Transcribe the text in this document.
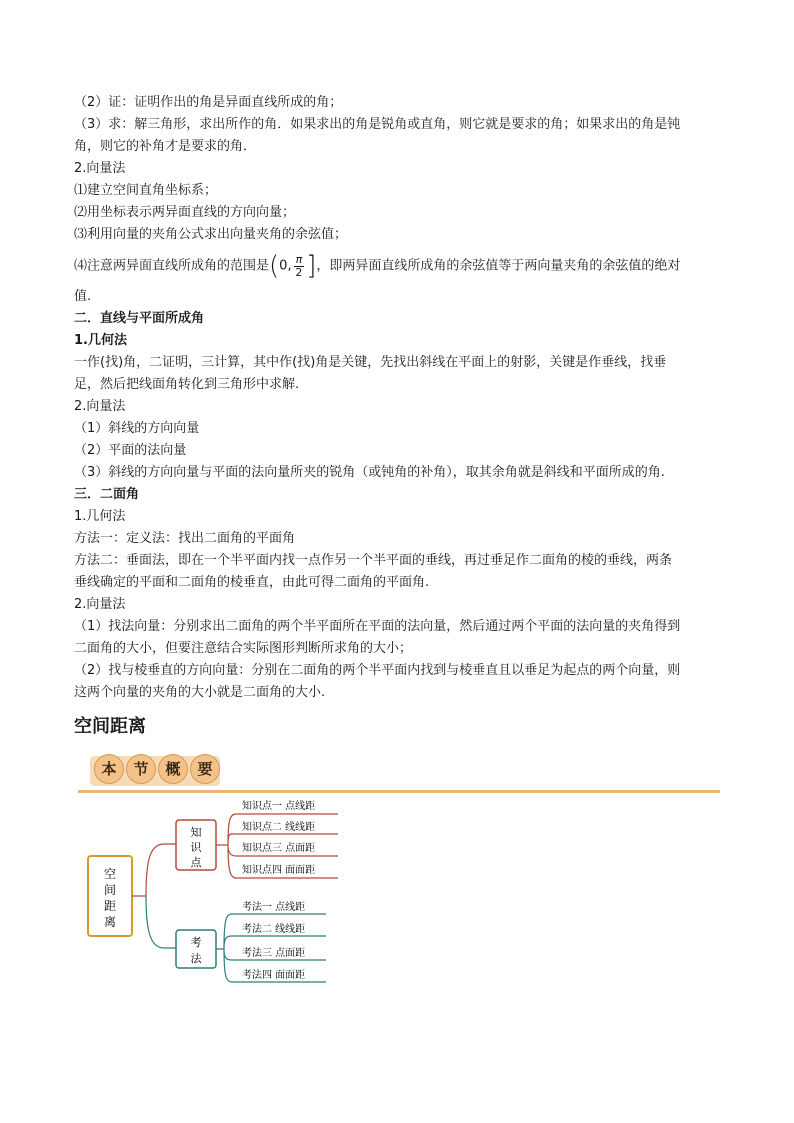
（2）证：证明作出的角是异面直线所成的角；
（3）求：解三角形，求出所作的角．如果求出的角是锐角或直角，则它就是要求的角；如果求出的角是钝
角，则它的补角才是要求的角．
2.向量法
⑴建立空间直角坐标系；
⑵用坐标表示两异面直线的方向向量；
⑶利用向量的夹角公式求出向量夹角的余弦值；
⑷注意两异面直线所成角的范围是(0, $\frac{\pi}{2}$ ]，即两异面直线所成角的余弦值等于两向量夹角的余弦值的绝对
值.
二．直线与平面所成角
1.几何法
一作(找)角，二证明，三计算，其中作(找)角是关键，先找出斜线在平面上的射影，关键是作垂线，找垂
足，然后把线面角转化到三角形中求解.
2.向量法
（1）斜线的方向向量
（2）平面的法向量
（3）斜线的方向向量与平面的法向量所夹的锐角（或钝角的补角），取其余角就是斜线和平面所成的角.
三．二面角
1.几何法
方法一：定义法：找出二面角的平面角
方法二：垂面法，即在一个半平面内找一点作另一个半平面的垂线，再过垂足作二面角的棱的垂线，两条
垂线确定的平面和二面角的棱垂直，由此可得二面角的平面角.
2.向量法
（1）找法向量：分别求出二面角的两个半平面所在平面的法向量，然后通过两个平面的法向量的夹角得到
二面角的大小，但要注意结合实际图形判断所求角的大小；
（2）找与棱垂直的方向向量：分别在二面角的两个半平面内找到与棱垂直且以垂足为起点的两个向量，则
这两个向量的夹角的大小就是二面角的大小.
空间距离
本	节	概	要
空
间
距
离
知
识
点
知识点一 点线距
知识点二 线线距
知识点三 点面距
知识点四 面面距
考
法
考法一 点线距
考法二 线线距
考法三 点面距
考法四 面面距
